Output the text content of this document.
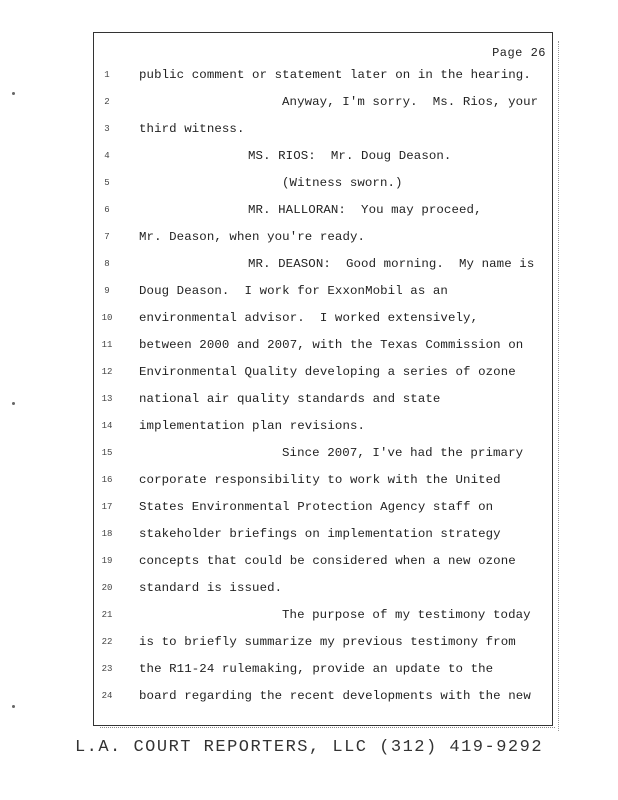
Page 26
1	public comment or statement later on in the hearing.
2	Anyway, I'm sorry.  Ms. Rios, your
3	third witness.
4	MS. RIOS:  Mr. Doug Deason.
5	(Witness sworn.)
6	MR. HALLORAN:  You may proceed,
7	Mr. Deason, when you're ready.
8	MR. DEASON:  Good morning.  My name is
9	Doug Deason.  I work for ExxonMobil as an
10	environmental advisor.  I worked extensively,
11	between 2000 and 2007, with the Texas Commission on
12	Environmental Quality developing a series of ozone
13	national air quality standards and state
14	implementation plan revisions.
15	Since 2007, I've had the primary
16	corporate responsibility to work with the United
17	States Environmental Protection Agency staff on
18	stakeholder briefings on implementation strategy
19	concepts that could be considered when a new ozone
20	standard is issued.
21	The purpose of my testimony today
22	is to briefly summarize my previous testimony from
23	the R11-24 rulemaking, provide an update to the
24	board regarding the recent developments with the new
L.A. COURT REPORTERS, LLC (312) 419-9292
